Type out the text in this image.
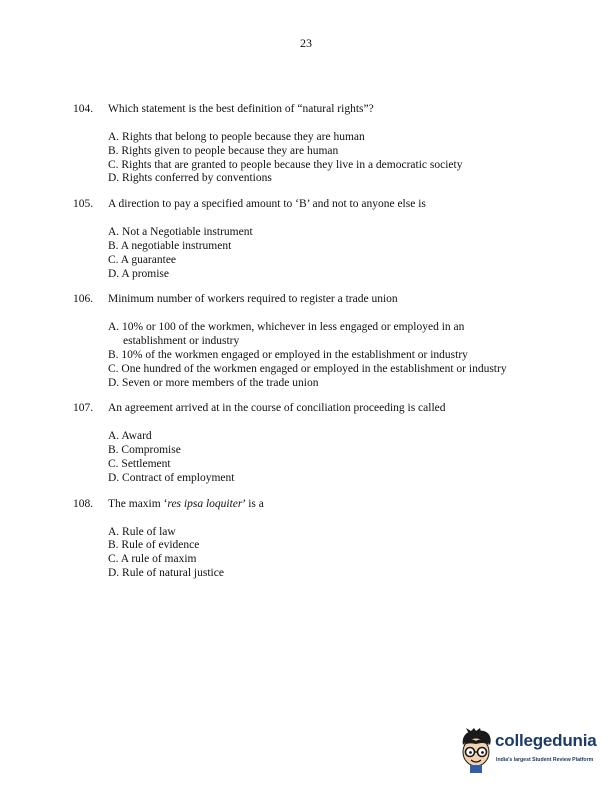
23
104.	Which statement is the best definition of “natural rights”?
A. Rights that belong to people because they are human
B. Rights given to people because they are human
C. Rights that are granted to people because they live in a democratic society
D. Rights conferred by conventions
105.	A direction to pay a specified amount to ‘B’ and not to anyone else is
A. Not a Negotiable instrument
B. A negotiable instrument
C. A guarantee
D. A promise
106.	Minimum number of workers required to register a trade union
A. 10% or 100 of the workmen, whichever in less engaged or employed in an
establishment or industry
B. 10% of the workmen engaged or employed in the establishment or industry
C. One hundred of the workmen engaged or employed in the establishment or industry
D. Seven or more members of the trade union
107.	An agreement arrived at in the course of conciliation proceeding is called
A. Award
B. Compromise
C. Settlement
D. Contract of employment
108.	The maxim ‘res ipsa loquiter’ is a
A. Rule of law
B. Rule of evidence
C. A rule of maxim
D. Rule of natural justice
collegedunia
India's largest Student Review Platform
